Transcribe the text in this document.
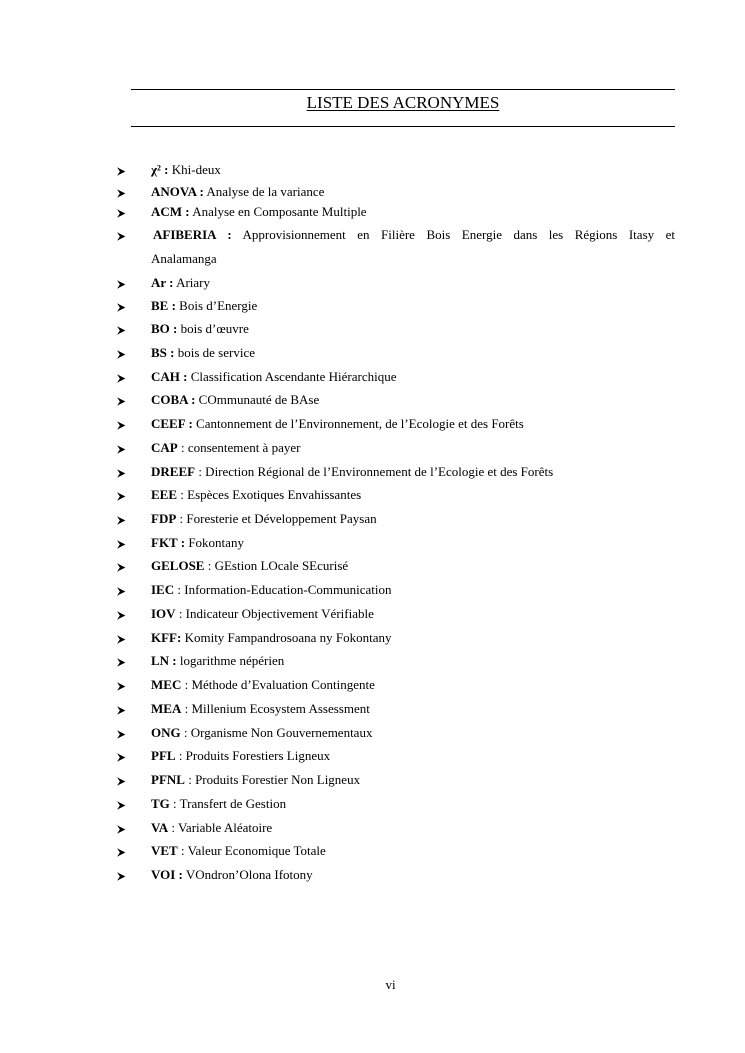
LISTE DES ACRONYMES
χ² : Khi-deux
ANOVA : Analyse de la variance
ACM : Analyse en Composante Multiple
AFIBERIA : Approvisionnement en Filière Bois Energie dans les Régions Itasy et
Analamanga
Ar : Ariary
BE : Bois d’Energie
BO : bois d’œuvre
BS : bois de service
CAH : Classification Ascendante Hiérarchique
COBA : COmmunauté de BAse
CEEF : Cantonnement de l’Environnement, de l’Ecologie et des Forêts
CAP : consentement à payer
DREEF : Direction Régional de l’Environnement de l’Ecologie et des Forêts
EEE : Espèces Exotiques Envahissantes
FDP : Foresterie et Développement Paysan
FKT : Fokontany
GELOSE : GEstion LOcale SEcurisé
IEC : Information-Education-Communication
IOV : Indicateur Objectivement Vérifiable
KFF: Komity Fampandrosoana ny Fokontany
LN : logarithme népérien
MEC : Méthode d’Evaluation Contingente
MEA : Millenium Ecosystem Assessment
ONG : Organisme Non Gouvernementaux
PFL : Produits Forestiers Ligneux
PFNL : Produits Forestier Non Ligneux
TG : Transfert de Gestion
VA : Variable Aléatoire
VET : Valeur Economique Totale
VOI : VOndron’Olona Ifotony
vi
